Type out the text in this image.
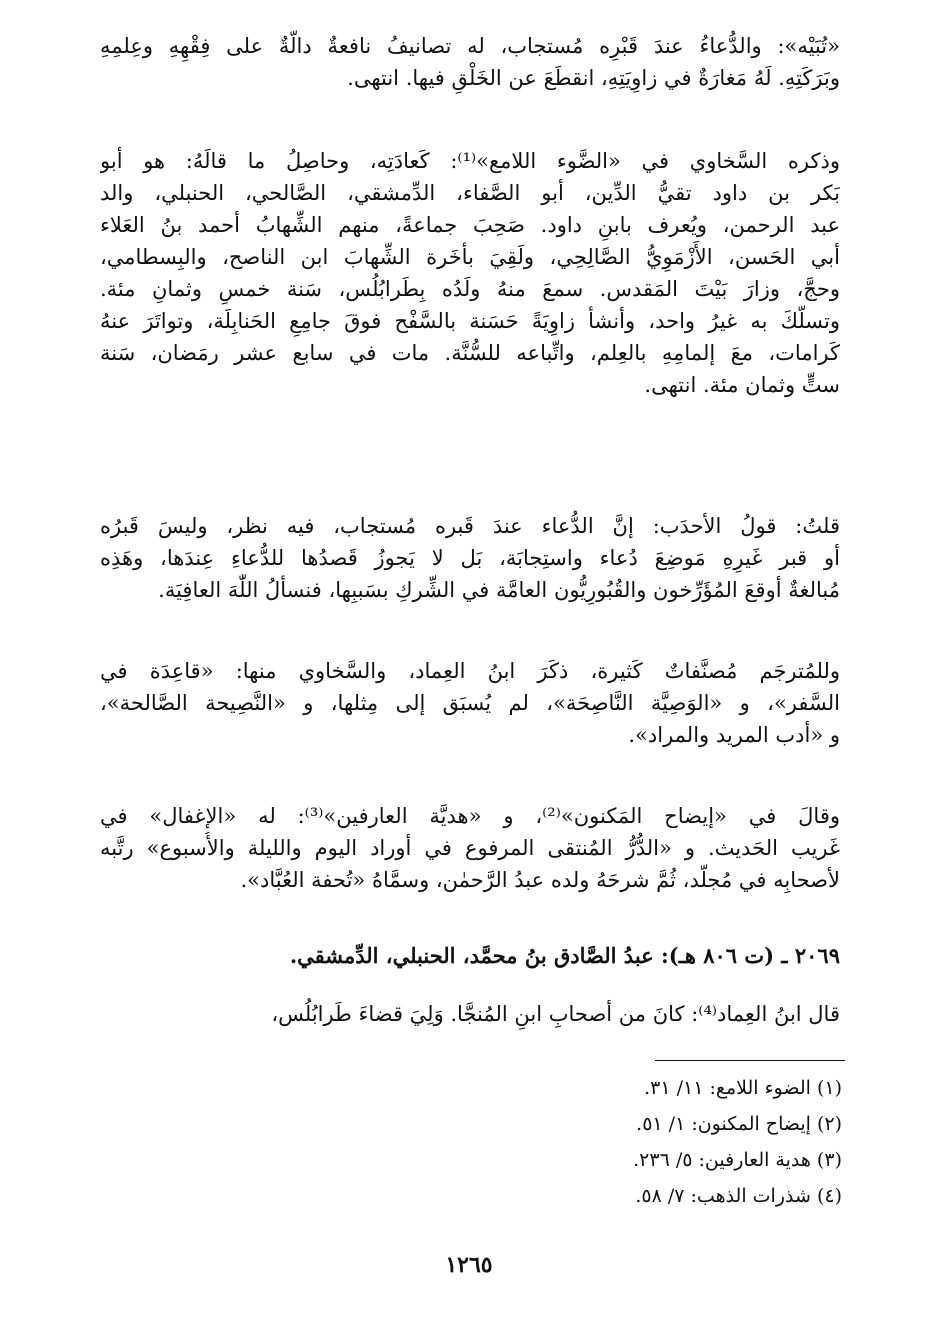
«تُبَيْه»: والدُّعاءُ عندَ قَبْرِه مُستجاب، له تصانيفُ نافعةٌ دالَّةٌ على فِقْهِهِ وعِلمِهِ
وبَرَكَتِهِ. لَهُ مَغارَةٌ في زاوِيَتِهِ، انقطَعَ عن الخَلْقِ فيها. انتهى.
وذكره السَّخاوي في «الضَّوء اللامع»⁽¹⁾: كَعادَتِه، وحاصِلُ ما قالَهُ: هو أبو
بَكر بن داود تقيُّ الدِّين، أبو الصَّفاء، الدِّمشقي، الصَّالحي، الحنبلي، والد
عبد الرحمن، ويُعرف بابنِ داود. صَحِبَ جماعةً، منهم الشِّهابُ أحمد بنُ العَلاء
أبي الحَسن، الأَزْمَوِيُّ الصَّالِحِي، ولَقِيَ بأَخَرة الشِّهابَ ابن الناصح، والبِسطامي،
وحجَّ، وزارَ بَيْتَ المَقدس. سمعَ منهُ ولَدُه بِطَرابُلُس، سَنة خمسٍ وثمانِ مئة.
وتسلَّكَ به غيرُ واحد، وأنشأ زاوِيَةً حَسَنة بالسَّفْح فوقَ جامِعِ الحَنابِلَة، وتواتَرَ عنهُ
كَرامات، معَ إلمامِهِ بالعِلم، واتِّباعه للسُّنَّة. مات في سابع عشر رمَضان، سَنة
ستٍّ وثمان مئة. انتهى.
قلتُ: قولُ الأحدَب: إنَّ الدُّعاء عندَ قَبره مُستجاب، فيه نظر، وليسَ قَبرُه
أو قبر غَيرِهِ مَوضِعَ دُعاء واستِجابَة، بَل لا يَجوزُ قَصدُها للدُّعاءِ عِندَها، وهَذِه
مُبالغةٌ أوقعَ المُؤَرِّخون والقُبُورِيُّون العامَّة في الشِّركِ بسَببِها، فنسألُ اللّٰهَ العافِيَة.
وللمُترجَم مُصنَّفاتٌ كَثيرة، ذكَرَ ابنُ العِماد، والسَّخاوي منها: «قاعِدَة في
السَّفر»، و «الوَصِيَّة النَّاصِحَة»، لم يُسبَق إلى مِثلها، و «النَّصِيحة الصَّالحة»،
و «أدب المريد والمراد».
وقالَ في «إيضاح المَكنون»⁽²⁾، و «هديَّة العارفين»⁽³⁾: له «الإغفال» في
غَريب الحَديث. و «الدُّرُّ المُنتقى المرفوع في أوراد اليوم والليلة والأُسبوع» رتَّبه
لأصحابِه في مُجلَّد، ثُمَّ شرحَهُ ولده عبدُ الرَّحمٰن، وسمَّاهُ «تُحفة العُبَّاد».
٢٠٦٩ ـ (ت ٨٠٦ هـ): عبدُ الصَّادق بنُ محمَّد، الحنبلي، الدِّمشقي.
قال ابنُ العِماد⁽⁴⁾: كانَ من أصحابِ ابنِ المُنجَّا. وَلِيَ قضاءَ طَرابُلُس،
(١) الضوء اللامع: ١١/ ٣١.
(٢) إيضاح المكنون: ١/ ٥١.
(٣) هدية العارفين: ٥/ ٢٣٦.
(٤) شذرات الذهب: ٧/ ٥٨.
١٢٦٥
